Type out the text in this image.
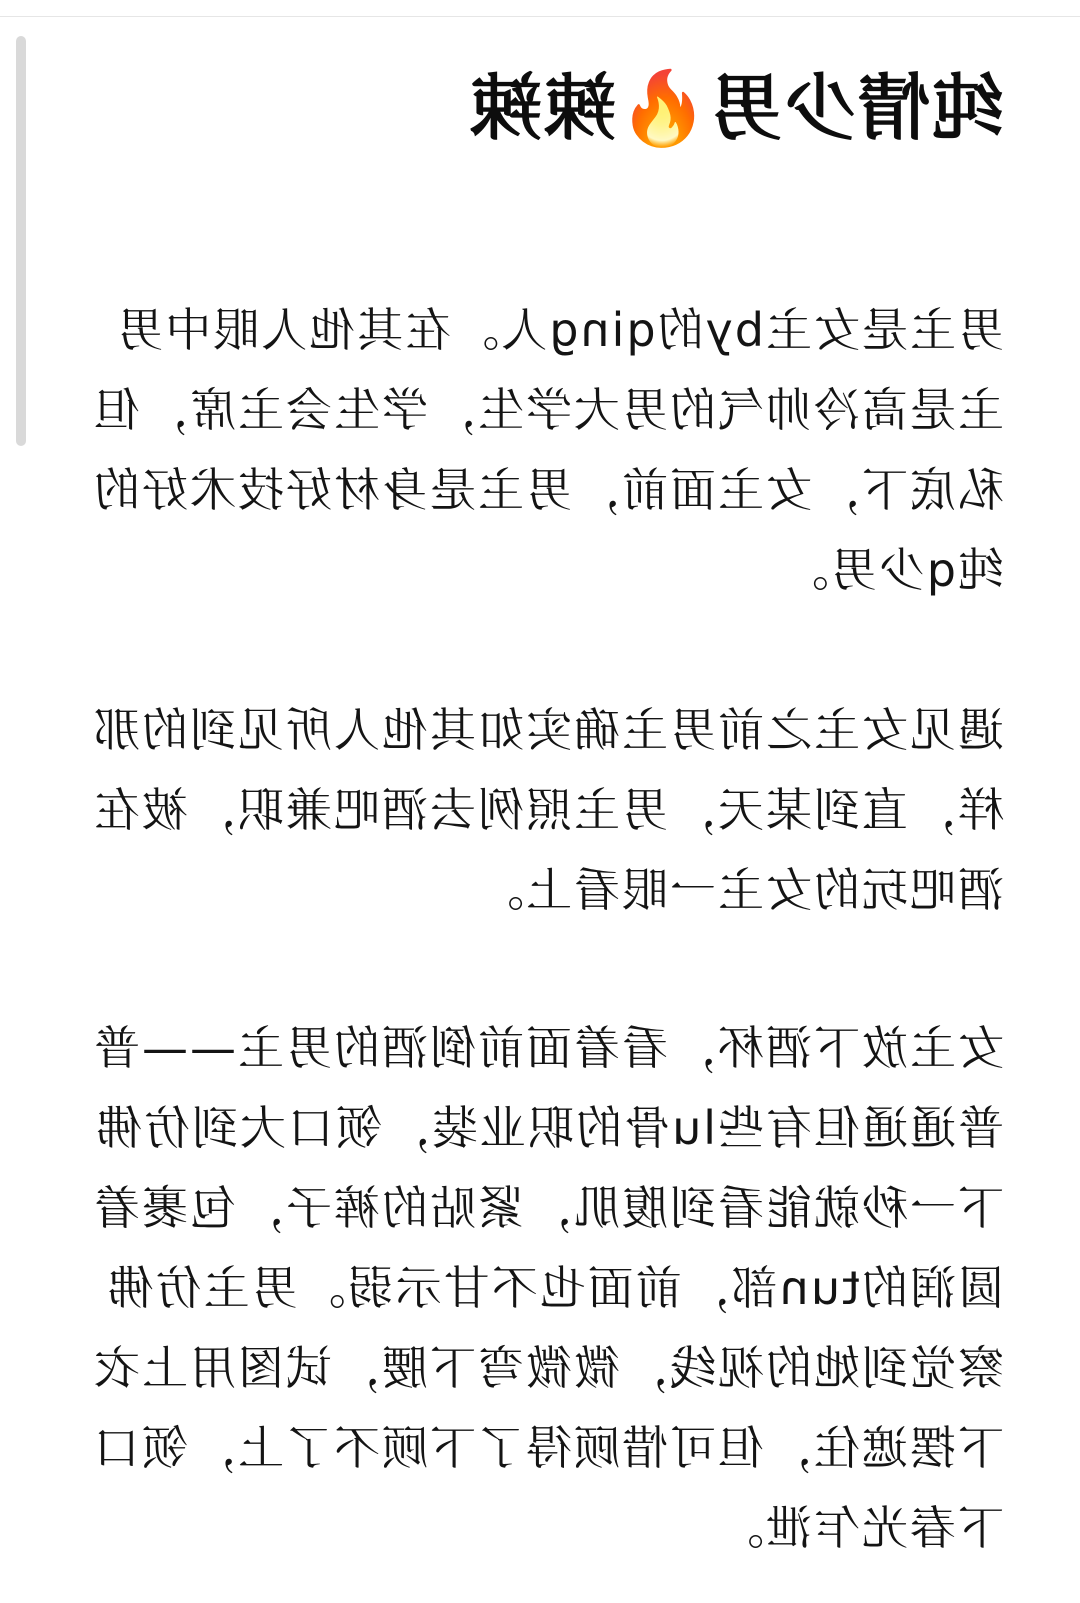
纯情少男🔥辣辣

男主是女主by的qing人。在其他人眼中男主是高冷帅气的男大学生，学生会主席，但私底下，女主面前，男主是身材好技术好的纯q少男。

遇见女主之前男主确实如其他人所见到的那样，直到某天，男主照例去酒吧兼职，被在酒吧玩的女主一眼看上。

女主放下酒杯，看着面前倒酒的男主——普普通通但有些lu骨的职业装，领口大到仿佛下一秒就能看到腹肌，紧贴的裤子，包裹着圆润的tun部，前面也不甘示弱。男主仿佛察觉到她的视线，微微弯下腰，试图用上衣下摆遮住，但可惜顾得了下顾不了上，领口下春光乍泄。
